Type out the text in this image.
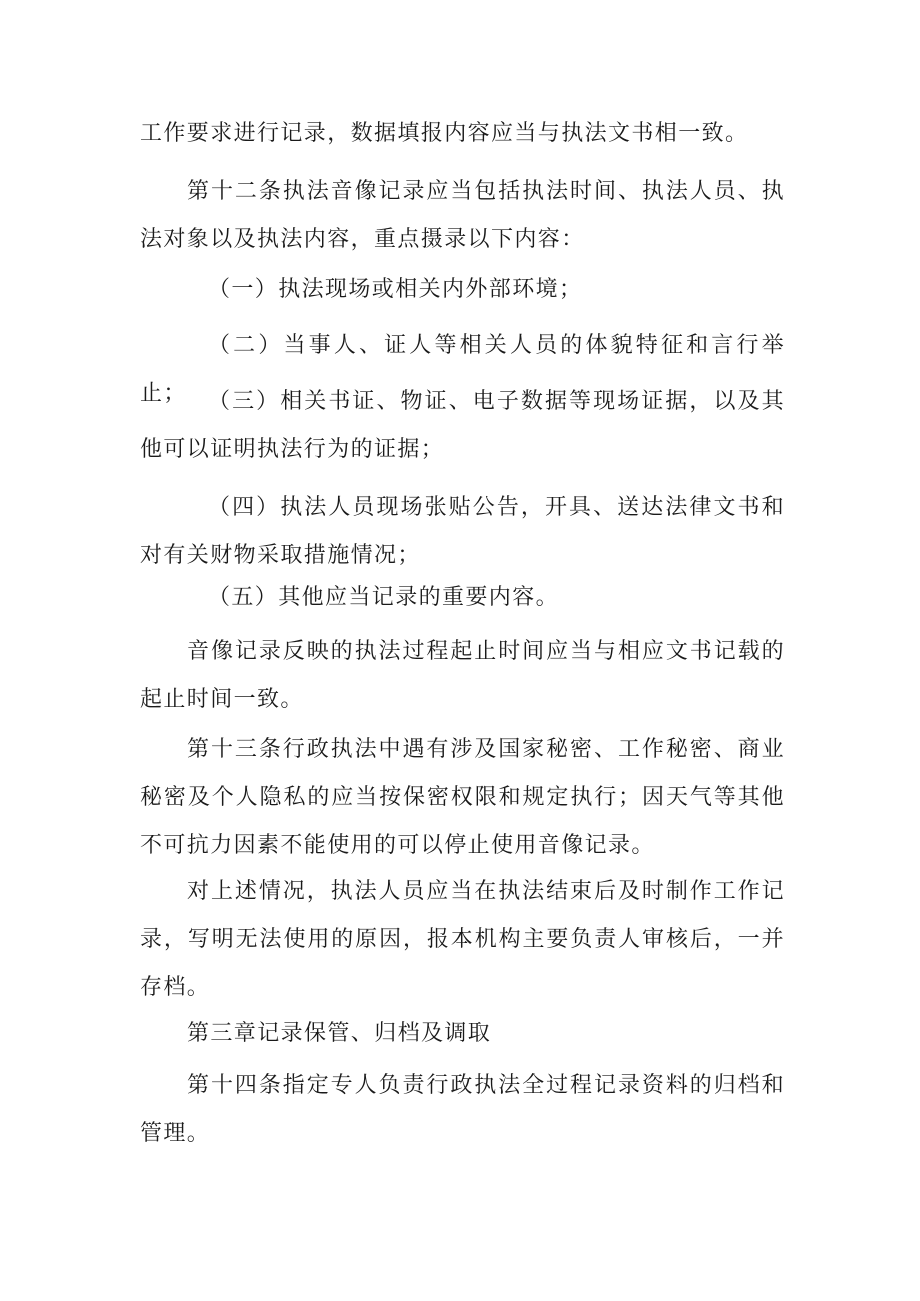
工作要求进行记录，数据填报内容应当与执法文书相一致。

第十二条执法音像记录应当包括执法时间、执法人员、执法对象以及执法内容，重点摄录以下内容：

（一）执法现场或相关内外部环境；

（二）当事人、证人等相关人员的体貌特征和言行举止； （三）相关书证、物证、电子数据等现场证据，以及其他可以证明执法行为的证据；

（四）执法人员现场张贴公告，开具、送达法律文书和对有关财物采取措施情况；

（五）其他应当记录的重要内容。

音像记录反映的执法过程起止时间应当与相应文书记载的起止时间一致。

第十三条行政执法中遇有涉及国家秘密、工作秘密、商业秘密及个人隐私的应当按保密权限和规定执行；因天气等其他不可抗力因素不能使用的可以停止使用音像记录。

对上述情况，执法人员应当在执法结束后及时制作工作记录，写明无法使用的原因，报本机构主要负责人审核后，一并存档。

第三章记录保管、归档及调取

第十四条指定专人负责行政执法全过程记录资料的归档和管理。
